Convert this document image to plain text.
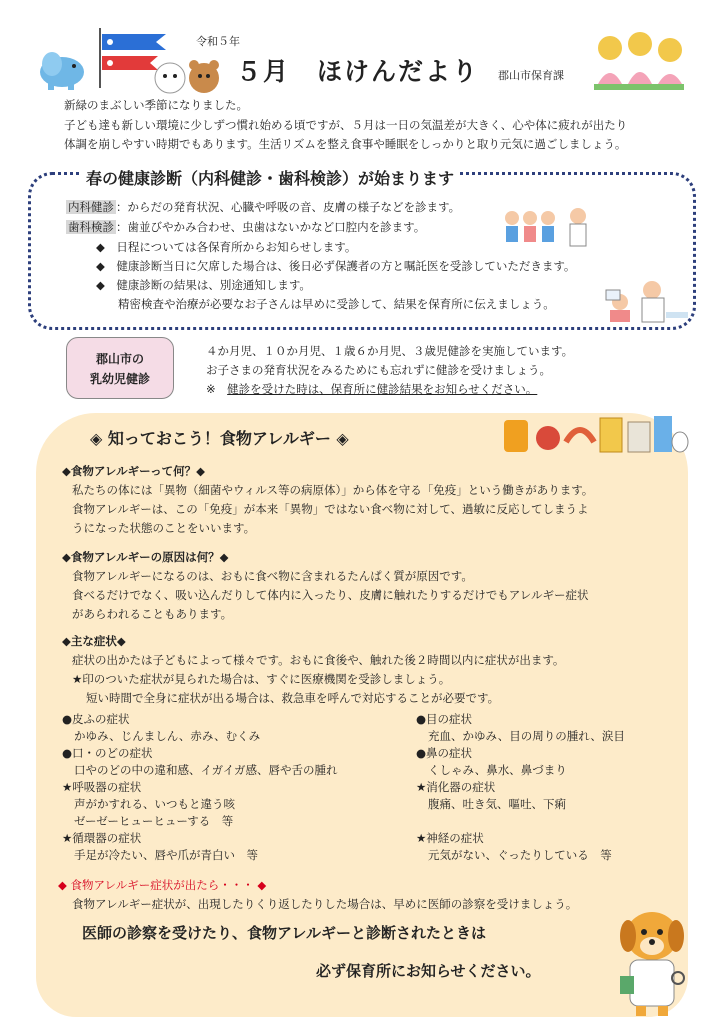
令和５年
５月　ほけんだより 郡山市保育課
新緑のまぶしい季節になりました。
子ども達も新しい環境に少しずつ慣れ始める頃ですが、５月は一日の気温差が大きく、心や体に疲れが出たり
体調を崩しやすい時期でもあります。生活リズムを整え食事や睡眠をしっかりと取り元気に過ごしましょう。
春の健康診断（内科健診・歯科検診）が始まります
内科健診 ：からだの発育状況、心臓や呼吸の音、皮膚の様子などを診ます。
歯科検診 ：歯並びやかみ合わせ、虫歯はないかなど口腔内を診ます。
◆　 日程については各保育所からお知らせします。
◆　 健康診断当日に欠席した場合は、後日必ず保護者の方と嘱託医を受診していただきます。
◆　 健康診断の結果は、別途通知します。
精密検査や治療が必要なお子さんは早めに受診して、結果を保育所に伝えましょう。
郡山市の
乳幼児健診
４か月児、１０か月児、１歳６か月児、３歳児健診を実施しています。
お子さまの発育状況をみるためにも忘れずに健診を受けましょう。
※　 健診を受けた時は、保育所に健診結果をお知らせください。
◈ 知っておこう！食物アレルギー ◈
◆食物アレルギーって何？◆
私たちの体には「異物（細菌やウィルス等の病原体）」から体を守る「免疫」という働きがあります。
食物アレルギーは、この「免疫」が本来「異物」ではない食べ物に対して、過敏に反応してしまうよ
うになった状態のことをいいます。
◆食物アレルギーの原因は何？◆
食物アレルギーになるのは、おもに食べ物に含まれるたんぱく質が原因です。
食べるだけでなく、吸い込んだりして体内に入ったり、皮膚に触れたりするだけでもアレルギー症状
があらわれることもあります。
◆主な症状◆
症状の出かたは子どもによって様々です。おもに食後や、触れた後２時間以内に症状が出ます。
★印のついた症状が見られた場合は、すぐに医療機関を受診しましょう。
短い時間で全身に症状が出る場合は、救急車を呼んで対応することが必要です。
●皮ふの症状
かゆみ、じんましん、赤み、むくみ
●口・のどの症状
口やのどの中の違和感、イガイガ感、唇や舌の腫れ
★呼吸器の症状
声がかすれる、いつもと違う咳
ゼーゼーヒューヒューする　等
★循環器の症状
手足が冷たい、唇や爪が青白い　等
●目の症状
充血、かゆみ、目の周りの腫れ、涙目
●鼻の症状
くしゃみ、鼻水、鼻づまり
★消化器の症状
腹痛、吐き気、嘔吐、下痢
★神経の症状
元気がない、ぐったりしている　等
◆ 食物アレルギー症状が出たら・・・ ◆
食物アレルギー症状が、出現したりくり返したりした場合は、早めに医師の診察を受けましょう。
医師の診察を受けたり、食物アレルギーと診断されたときは
必ず保育所にお知らせください。
